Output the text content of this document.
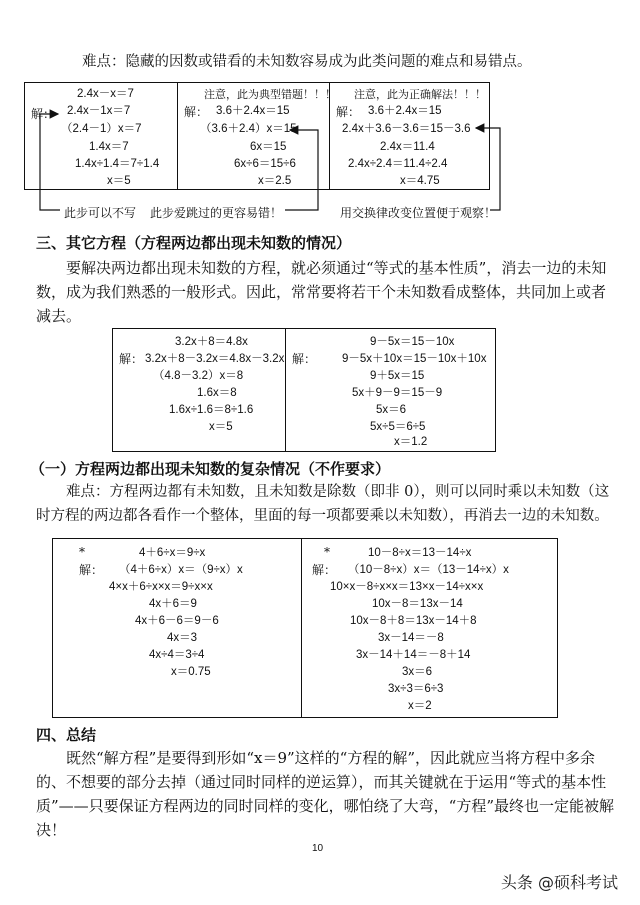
难点：隐藏的因数或错看的未知数容易成为此类问题的难点和易错点。
解：
2.4x－x＝7
2.4x－1x＝7
（2.4－1）x＝7
1.4x＝7
1.4x÷1.4＝7÷1.4
x＝5
注意，此为典型错题！！！
解： 3.6＋2.4x＝15
（3.6＋2.4）x＝15
6x＝15
6x÷6＝15÷6
x＝2.5
注意，此为正确解法！！！
解： 3.6＋2.4x＝15
2.4x＋3.6－3.6＝15－3.6
2.4x＝11.4
2.4x÷2.4＝11.4÷2.4
x＝4.75
此步可以不写 此步爱跳过的更容易错！	用交换律改变位置便于观察！
三、其它方程（方程两边都出现未知数的情况）
要解决两边都出现未知数的方程，就必须通过“等式的基本性质”，消去一边的未知数，成为我们熟悉的一般形式。因此，常常要将若干个未知数看成整体，共同加上或者减去。
解：
3.2x＋8＝4.8x
3.2x＋8－3.2x＝4.8x－3.2x
（4.8－3.2）x＝8
1.6x＝8
1.6x÷1.6＝8÷1.6
x＝5
解：
9－5x＝15－10x
9－5x＋10x＝15－10x＋10x
9＋5x＝15
5x＋9－9＝15－9
5x＝6
5x÷5＝6÷5
x＝1.2
（一）方程两边都出现未知数的复杂情况（不作要求）
难点：方程两边都有未知数，且未知数是除数（即非 0），则可以同时乘以未知数（这时方程的两边都各看作一个整体，里面的每一项都要乘以未知数），再消去一边的未知数。
*
解：
4＋6÷x＝9÷x
（4＋6÷x）x＝（9÷x）x
4×x＋6÷x×x＝9÷x×x
4x＋6＝9
4x＋6－6＝9－6
4x＝3
4x÷4＝3÷4
x＝0.75
*
解：
10－8÷x＝13－14÷x
（10－8÷x）x＝（13－14÷x）x
10×x－8÷x×x＝13×x－14÷x×x
10x－8＝13x－14
10x－8＋8＝13x－14＋8
3x－14＝－8
3x－14＋14＝－8＋14
3x＝6
3x÷3＝6÷3
x＝2
四、总结
既然“解方程”是要得到形如“x＝9”这样的“方程的解”，因此就应当将方程中多余的、不想要的部分去掉（通过同时同样的逆运算），而其关键就在于运用“等式的基本性质”——只要保证方程两边的同时同样的变化，哪怕绕了大弯，“方程”最终也一定能被解决！
10
头条 @硕科考试
